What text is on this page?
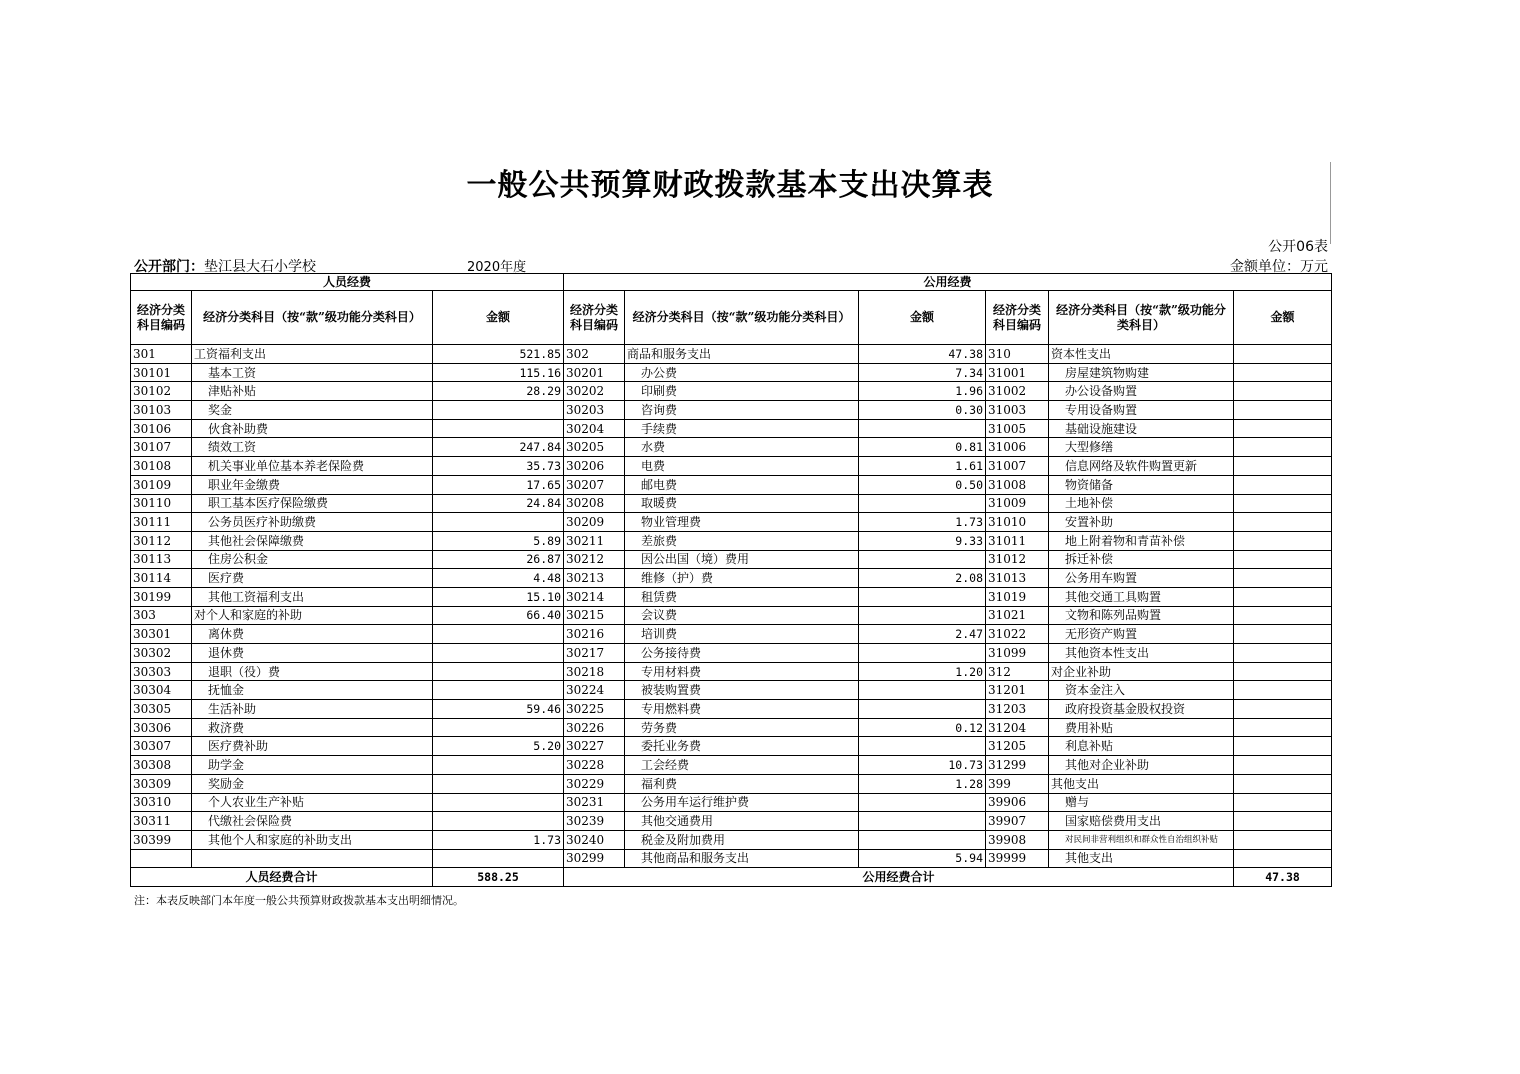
一般公共预算财政拨款基本支出决算表
公开06表
公开部门：垫江县大石小学校	2020年度	金额单位：万元
人员经费			公用经费					
经济分类科目编码	经济分类科目（按“款”级功能分类科目）	金额	经济分类科目编码	经济分类科目（按“款”级功能分类科目）	金额	经济分类科目编码	经济分类科目（按“款”级功能分类科目）	金额
301	工资福利支出	521.85	302	商品和服务支出	47.38	310	资本性支出	
30101	基本工资	115.16	30201	办公费	7.34	31001	房屋建筑物购建	
30102	津贴补贴	28.29	30202	印刷费	1.96	31002	办公设备购置	
30103	奖金		30203	咨询费	0.30	31003	专用设备购置	
30106	伙食补助费		30204	手续费		31005	基础设施建设	
30107	绩效工资	247.84	30205	水费	0.81	31006	大型修缮	
30108	机关事业单位基本养老保险费	35.73	30206	电费	1.61	31007	信息网络及软件购置更新	
30109	职业年金缴费	17.65	30207	邮电费	0.50	31008	物资储备	
30110	职工基本医疗保险缴费	24.84	30208	取暖费		31009	土地补偿	
30111	公务员医疗补助缴费		30209	物业管理费	1.73	31010	安置补助	
30112	其他社会保障缴费	5.89	30211	差旅费	9.33	31011	地上附着物和青苗补偿	
30113	住房公积金	26.87	30212	因公出国（境）费用		31012	拆迁补偿	
30114	医疗费	4.48	30213	维修（护）费	2.08	31013	公务用车购置	
30199	其他工资福利支出	15.10	30214	租赁费		31019	其他交通工具购置	
303	对个人和家庭的补助	66.40	30215	会议费		31021	文物和陈列品购置	
30301	离休费		30216	培训费	2.47	31022	无形资产购置	
30302	退休费		30217	公务接待费		31099	其他资本性支出	
30303	退职（役）费		30218	专用材料费	1.20	312	对企业补助	
30304	抚恤金		30224	被装购置费		31201	资本金注入	
30305	生活补助	59.46	30225	专用燃料费		31203	政府投资基金股权投资	
30306	救济费		30226	劳务费	0.12	31204	费用补贴	
30307	医疗费补助	5.20	30227	委托业务费		31205	利息补贴	
30308	助学金		30228	工会经费	10.73	31299	其他对企业补助	
30309	奖励金		30229	福利费	1.28	399	其他支出	
30310	个人农业生产补贴		30231	公务用车运行维护费		39906	赠与	
30311	代缴社会保险费		30239	其他交通费用		39907	国家赔偿费用支出	
30399	其他个人和家庭的补助支出	1.73	30240	税金及附加费用		39908	对民间非营利组织和群众性自治组织补贴	
			30299	其他商品和服务支出	5.94	39999	其他支出	
人员经费合计		588.25	公用经费合计					47.38
注：本表反映部门本年度一般公共预算财政拨款基本支出明细情况。
